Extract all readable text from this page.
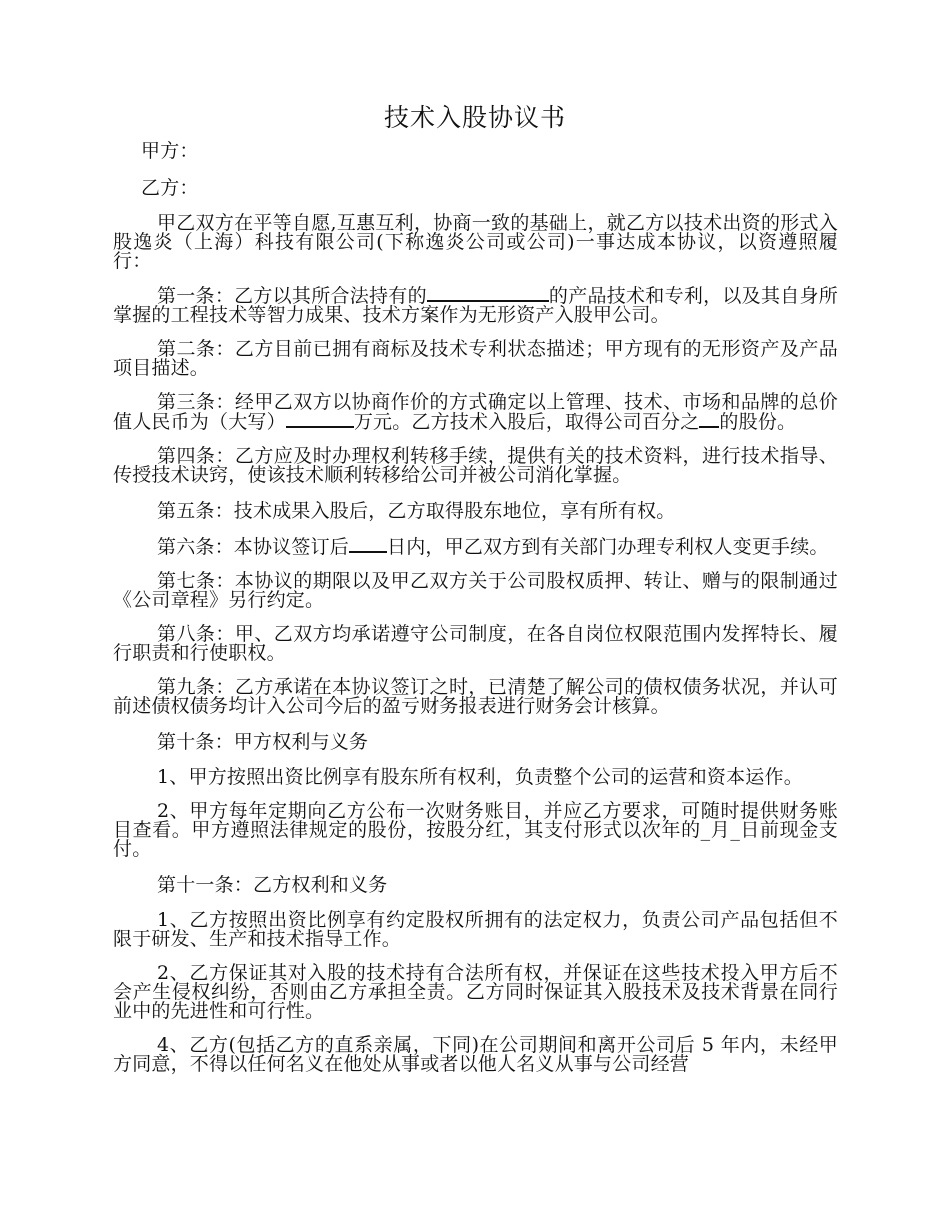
技术入股协议书
甲方：
乙方：
甲乙双方在平等自愿,互惠互利，协商一致的基础上，就乙方以技术出资的形式入股逸炎（上海）科技有限公司(下称逸炎公司或公司)一事达成本协议，以资遵照履行：
第一条：乙方以其所合法持有的	的产品技术和专利，以及其自身所掌握的工程技术等智力成果、技术方案作为无形资产入股甲公司。
第二条：乙方目前已拥有商标及技术专利状态描述；甲方现有的无形资产及产品项目描述。
第三条：经甲乙双方以协商作价的方式确定以上管理、技术、市场和品牌的总价值人民币为（大写）	万元。乙方技术入股后，取得公司百分之 的股份。
第四条：乙方应及时办理权利转移手续，提供有关的技术资料，进行技术指导、传授技术诀窍，使该技术顺利转移给公司并被公司消化掌握。
第五条：技术成果入股后，乙方取得股东地位，享有所有权。
第六条：本协议签订后 日内，甲乙双方到有关部门办理专利权人变更手续。
第七条：本协议的期限以及甲乙双方关于公司股权质押、转让、赠与的限制通过《公司章程》另行约定。
第八条：甲、乙双方均承诺遵守公司制度，在各自岗位权限范围内发挥特长、履行职责和行使职权。
第九条：乙方承诺在本协议签订之时，已清楚了解公司的债权债务状况，并认可前述债权债务均计入公司今后的盈亏财务报表进行财务会计核算。
第十条：甲方权利与义务
1、甲方按照出资比例享有股东所有权利，负责整个公司的运营和资本运作。
2、甲方每年定期向乙方公布一次财务账目，并应乙方要求，可随时提供财务账目查看。甲方遵照法律规定的股份，按股分红，其支付形式以次年的_月_日前现金支付。
第十一条：乙方权利和义务
1、乙方按照出资比例享有约定股权所拥有的法定权力，负责公司产品包括但不限于研发、生产和技术指导工作。
2、乙方保证其对入股的技术持有合法所有权，并保证在这些技术投入甲方后不会产生侵权纠纷，否则由乙方承担全责。乙方同时保证其入股技术及技术背景在同行业中的先进性和可行性。
4、乙方(包括乙方的直系亲属，下同)在公司期间和离开公司后 5 年内，未经甲方同意，不得以任何名义在他处从事或者以他人名义从事与公司经营
